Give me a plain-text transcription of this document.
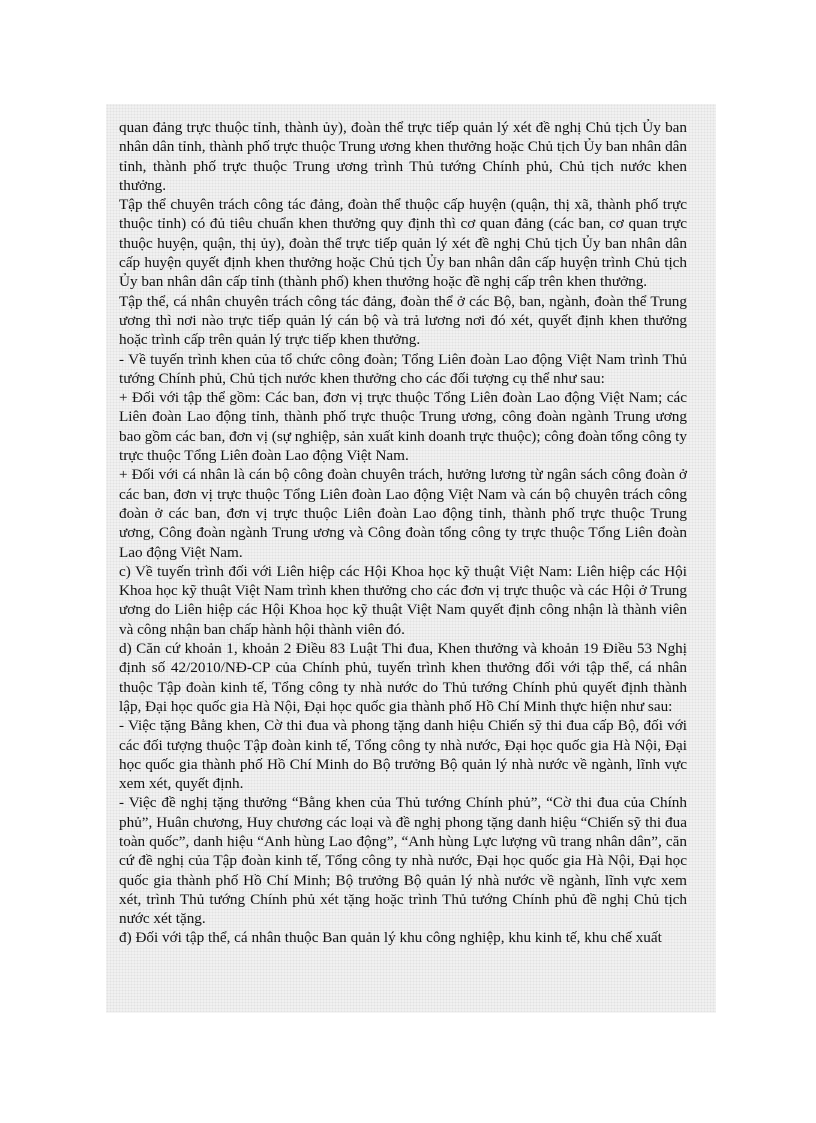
quan đảng trực thuộc tỉnh, thành ủy), đoàn thể trực tiếp quản lý xét đề nghị Chủ tịch Ủy ban nhân dân tỉnh, thành phố trực thuộc Trung ương khen thưởng hoặc Chủ tịch Ủy ban nhân dân tỉnh, thành phố trực thuộc Trung ương trình Thủ tướng Chính phủ, Chủ tịch nước khen thưởng.

Tập thể chuyên trách công tác đảng, đoàn thể thuộc cấp huyện (quận, thị xã, thành phố trực thuộc tỉnh) có đủ tiêu chuẩn khen thưởng quy định thì cơ quan đảng (các ban, cơ quan trực thuộc huyện, quận, thị ủy), đoàn thể trực tiếp quản lý xét đề nghị Chủ tịch Ủy ban nhân dân cấp huyện quyết định khen thưởng hoặc Chủ tịch Ủy ban nhân dân cấp huyện trình Chủ tịch Ủy ban nhân dân cấp tỉnh (thành phố) khen thưởng hoặc đề nghị cấp trên khen thưởng.

Tập thể, cá nhân chuyên trách công tác đảng, đoàn thể ở các Bộ, ban, ngành, đoàn thể Trung ương thì nơi nào trực tiếp quản lý cán bộ và trả lương nơi đó xét, quyết định khen thưởng hoặc trình cấp trên quản lý trực tiếp khen thưởng.

- Về tuyến trình khen của tổ chức công đoàn; Tổng Liên đoàn Lao động Việt Nam trình Thủ tướng Chính phủ, Chủ tịch nước khen thưởng cho các đối tượng cụ thể như sau:

+ Đối với tập thể gồm: Các ban, đơn vị trực thuộc Tổng Liên đoàn Lao động Việt Nam; các Liên đoàn Lao động tỉnh, thành phố trực thuộc Trung ương, công đoàn ngành Trung ương bao gồm các ban, đơn vị (sự nghiệp, sản xuất kinh doanh trực thuộc); công đoàn tổng công ty trực thuộc Tổng Liên đoàn Lao động Việt Nam.

+ Đối với cá nhân là cán bộ công đoàn chuyên trách, hưởng lương từ ngân sách công đoàn ở các ban, đơn vị trực thuộc Tổng Liên đoàn Lao động Việt Nam và cán bộ chuyên trách công đoàn ở các ban, đơn vị trực thuộc Liên đoàn Lao động tỉnh, thành phố trực thuộc Trung ương, Công đoàn ngành Trung ương và Công đoàn tổng công ty trực thuộc Tổng Liên đoàn Lao động Việt Nam.

c) Về tuyến trình đối với Liên hiệp các Hội Khoa học kỹ thuật Việt Nam: Liên hiệp các Hội Khoa học kỹ thuật Việt Nam trình khen thưởng cho các đơn vị trực thuộc và các Hội ở Trung ương do Liên hiệp các Hội Khoa học kỹ thuật Việt Nam quyết định công nhận là thành viên và công nhận ban chấp hành hội thành viên đó.

d) Căn cứ khoản 1, khoản 2 Điều 83 Luật Thi đua, Khen thưởng và khoản 19 Điều 53 Nghị định số 42/2010/NĐ-CP của Chính phủ, tuyến trình khen thưởng đối với tập thể, cá nhân thuộc Tập đoàn kinh tế, Tổng công ty nhà nước do Thủ tướng Chính phủ quyết định thành lập, Đại học quốc gia Hà Nội, Đại học quốc gia thành phố Hồ Chí Minh thực hiện như sau:

- Việc tặng Bằng khen, Cờ thi đua và phong tặng danh hiệu Chiến sỹ thi đua cấp Bộ, đối với các đối tượng thuộc Tập đoàn kinh tế, Tổng công ty nhà nước, Đại học quốc gia Hà Nội, Đại học quốc gia thành phố Hồ Chí Minh do Bộ trưởng Bộ quản lý nhà nước về ngành, lĩnh vực xem xét, quyết định.

- Việc đề nghị tặng thưởng “Bằng khen của Thủ tướng Chính phủ”, “Cờ thi đua của Chính phủ”, Huân chương, Huy chương các loại và đề nghị phong tặng danh hiệu “Chiến sỹ thi đua toàn quốc”, danh hiệu “Anh hùng Lao động”, “Anh hùng Lực lượng vũ trang nhân dân”, căn cứ đề nghị của Tập đoàn kinh tế, Tổng công ty nhà nước, Đại học quốc gia Hà Nội, Đại học quốc gia thành phố Hồ Chí Minh; Bộ trưởng Bộ quản lý nhà nước về ngành, lĩnh vực xem xét, trình Thủ tướng Chính phủ xét tặng hoặc trình Thủ tướng Chính phủ đề nghị Chủ tịch nước xét tặng.

đ) Đối với tập thể, cá nhân thuộc Ban quản lý khu công nghiệp, khu kinh tế, khu chế xuất
